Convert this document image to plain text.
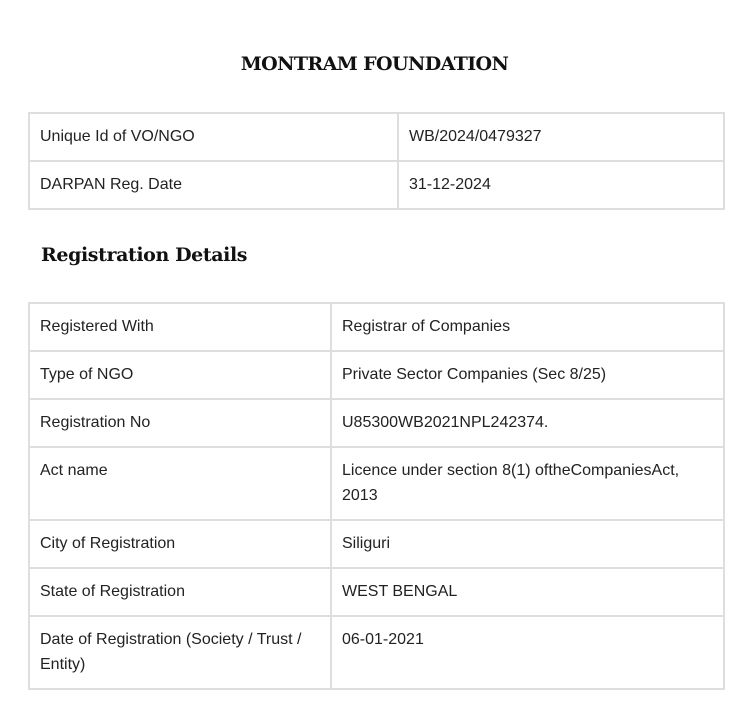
MONTRAM FOUNDATION
Unique Id of VO/NGO	WB/2024/0479327
DARPAN Reg. Date	31-12-2024
Registration Details
Registered With	Registrar of Companies
Type of NGO	Private Sector Companies (Sec 8/25)
Registration No	U85300WB2021NPL242374.
Act name	Licence under section 8(1) oftheCompaniesAct, 2013
City of Registration	Siliguri
State of Registration	WEST BENGAL
Date of Registration (Society / Trust / Entity)	06-01-2021
